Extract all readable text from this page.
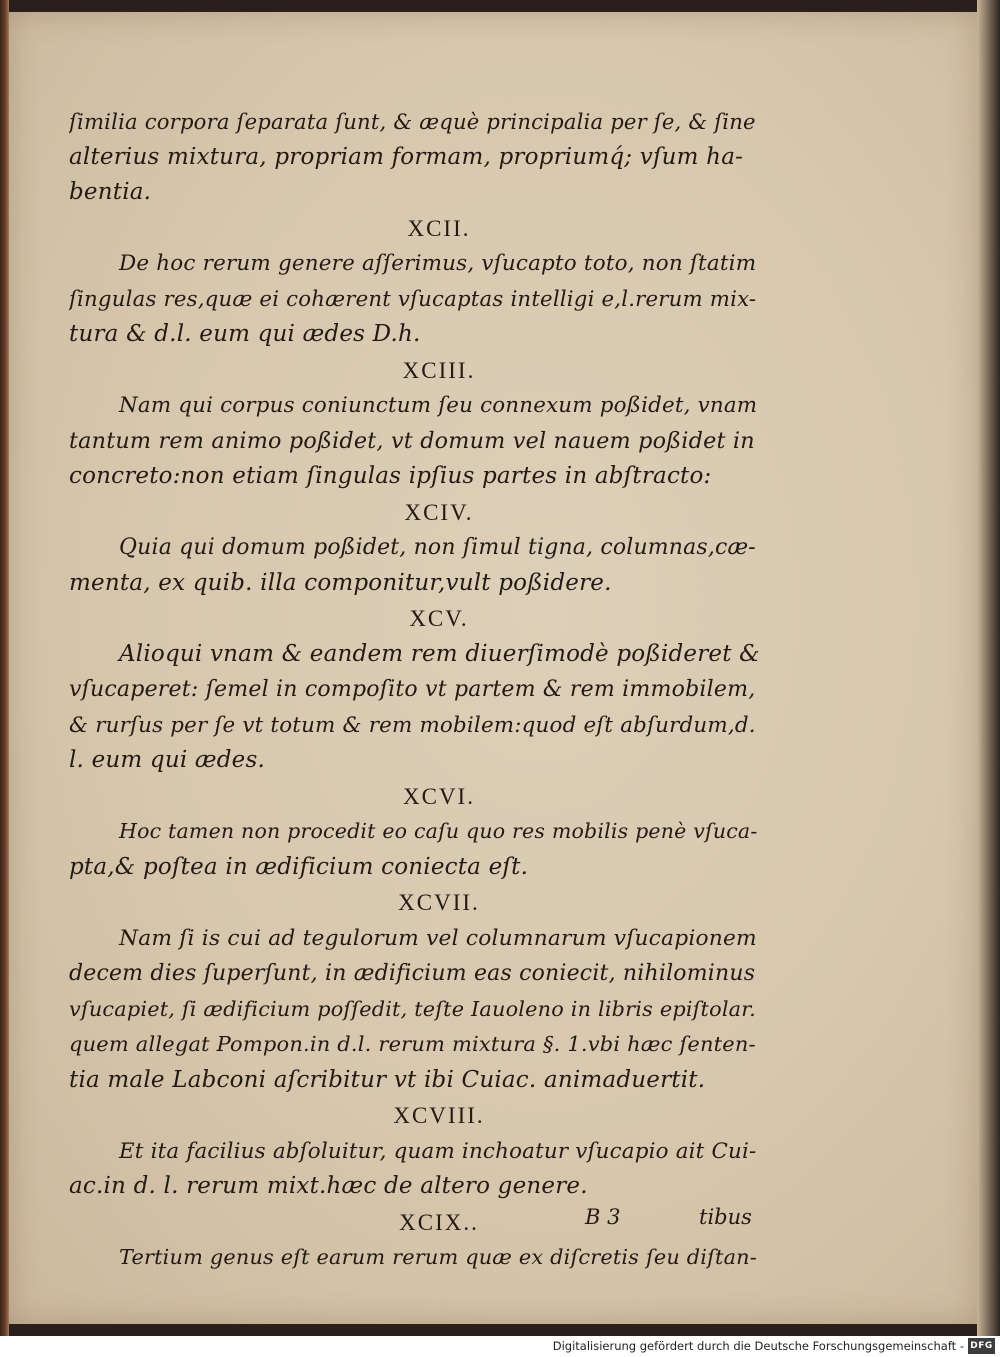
ſimilia corpora ſeparata ſunt, & æquè principalia per ſe, & ſine
alterius mixtura, propriam formam, propriumq́; vſum ha-
bentia.
XCII.
De hoc rerum genere aſſerimus, vſucapto toto, non ſtatim
ſingulas res,quæ ei cohærent vſucaptas intelligi e,l.rerum mix-
tura & d.l. eum qui ædes D.h.
XCIII.
Nam qui corpus coniunctum ſeu connexum poßidet, vnam
tantum rem animo poßidet, vt domum vel nauem poßidet in
concreto:non etiam ſingulas ipſius partes in abſtracto:
XCIV.
Quia qui domum poßidet, non ſimul tigna, columnas,cæ-
menta, ex quib. illa componitur,vult poßidere.
XCV.
Alioqui vnam & eandem rem diuerſimodè poßideret &
vſucaperet: ſemel in compoſito vt partem & rem immobilem,
& rurſus per ſe vt totum & rem mobilem:quod eſt abſurdum,d.
l. eum qui ædes.
XCVI.
Hoc tamen non procedit eo caſu quo res mobilis penè vſuca-
pta,& poſtea in ædificium coniecta eſt.
XCVII.
Nam ſi is cui ad tegulorum vel columnarum vſucapionem
decem dies ſuperſunt, in ædificium eas coniecit, nihilominus
vſucapiet, ſi ædificium poſſedit, teſte Iauoleno in libris epiſtolar.
quem allegat Pompon.in d.l. rerum mixtura §. 1.vbi hæc ſenten-
tia male Labconi aſcribitur vt ibi Cuiac. animaduertit.
XCVIII.
Et ita facilius abſoluitur, quam inchoatur vſucapio ait Cui-
ac.in d. l. rerum mixt.hæc de altero genere.
XCIX..
Tertium genus eſt earum rerum quæ ex diſcretis ſeu diſtan-
B 3	tibus
Digitalisierung gefördert durch die Deutsche Forschungsgemeinschaft - DFG
